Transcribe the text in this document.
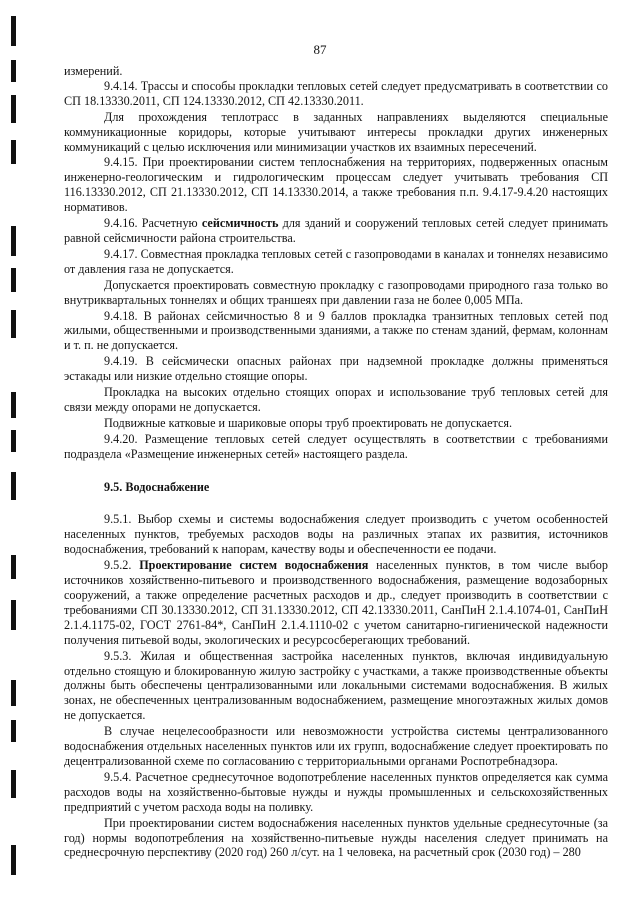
87

измерений.

9.4.14. Трассы и способы прокладки тепловых сетей следует предусматривать в соответствии со СП 18.13330.2011, СП 124.13330.2012, СП 42.13330.2011.

Для прохождения теплотрасс в заданных направлениях выделяются специальные коммуникационные коридоры, которые учитывают интересы прокладки других инженерных коммуникаций с целью исключения или минимизации участков их взаимных пересечений.

9.4.15. При проектировании систем теплоснабжения на территориях, подверженных опасным инженерно-геологическим и гидрологическим процессам следует учитывать требования СП 116.13330.2012, СП 21.13330.2012, СП 14.13330.2014, а также требования п.п. 9.4.17-9.4.20 настоящих нормативов.

9.4.16. Расчетную сейсмичность для зданий и сооружений тепловых сетей следует принимать равной сейсмичности района строительства.

9.4.17. Совместная прокладка тепловых сетей с газопроводами в каналах и тоннелях независимо от давления газа не допускается.

Допускается проектировать совместную прокладку с газопроводами природного газа только во внутриквартальных тоннелях и общих траншеях при давлении газа не более 0,005 МПа.

9.4.18. В районах сейсмичностью 8 и 9 баллов прокладка транзитных тепловых сетей под жилыми, общественными и производственными зданиями, а также по стенам зданий, фермам, колоннам и т. п. не допускается.

9.4.19. В сейсмически опасных районах при надземной прокладке должны применяться эстакады или низкие отдельно стоящие опоры.

Прокладка на высоких отдельно стоящих опорах и использование труб тепловых сетей для связи между опорами не допускается.

Подвижные катковые и шариковые опоры труб проектировать не допускается.

9.4.20. Размещение тепловых сетей следует осуществлять в соответствии с требованиями подраздела «Размещение инженерных сетей» настоящего раздела.

9.5. Водоснабжение

9.5.1. Выбор схемы и системы водоснабжения следует производить с учетом особенностей населенных пунктов, требуемых расходов воды на различных этапах их развития, источников водоснабжения, требований к напорам, качеству воды и обеспеченности ее подачи.

9.5.2. Проектирование систем водоснабжения населенных пунктов, в том числе выбор источников хозяйственно-питьевого и производственного водоснабжения, размещение водозаборных сооружений, а также определение расчетных расходов и др., следует производить в соответствии с требованиями СП 30.13330.2012, СП 31.13330.2012, СП 42.13330.2011, СанПиН 2.1.4.1074-01, СанПиН 2.1.4.1175-02, ГОСТ 2761-84*, СанПиН 2.1.4.1110-02 с учетом санитарно-гигиенической надежности получения питьевой воды, экологических и ресурсосберегающих требований.

9.5.3. Жилая и общественная застройка населенных пунктов, включая индивидуальную отдельно стоящую и блокированную жилую застройку с участками, а также производственные объекты должны быть обеспечены централизованными или локальными системами водоснабжения. В жилых зонах, не обеспеченных централизованным водоснабжением, размещение многоэтажных жилых домов не допускается.

В случае нецелесообразности или невозможности устройства системы централизованного водоснабжения отдельных населенных пунктов или их групп, водоснабжение следует проектировать по децентрализованной схеме по согласованию с территориальными органами Роспотребнадзора.

9.5.4. Расчетное среднесуточное водопотребление населенных пунктов определяется как сумма расходов воды на хозяйственно-бытовые нужды и нужды промышленных и сельскохозяйственных предприятий с учетом расхода воды на поливку.

При проектировании систем водоснабжения населенных пунктов удельные среднесуточные (за год) нормы водопотребления на хозяйственно-питьевые нужды населения следует принимать на среднесрочную перспективу (2020 год) 260 л/сут. на 1 человека, на расчетный срок (2030 год) – 280
